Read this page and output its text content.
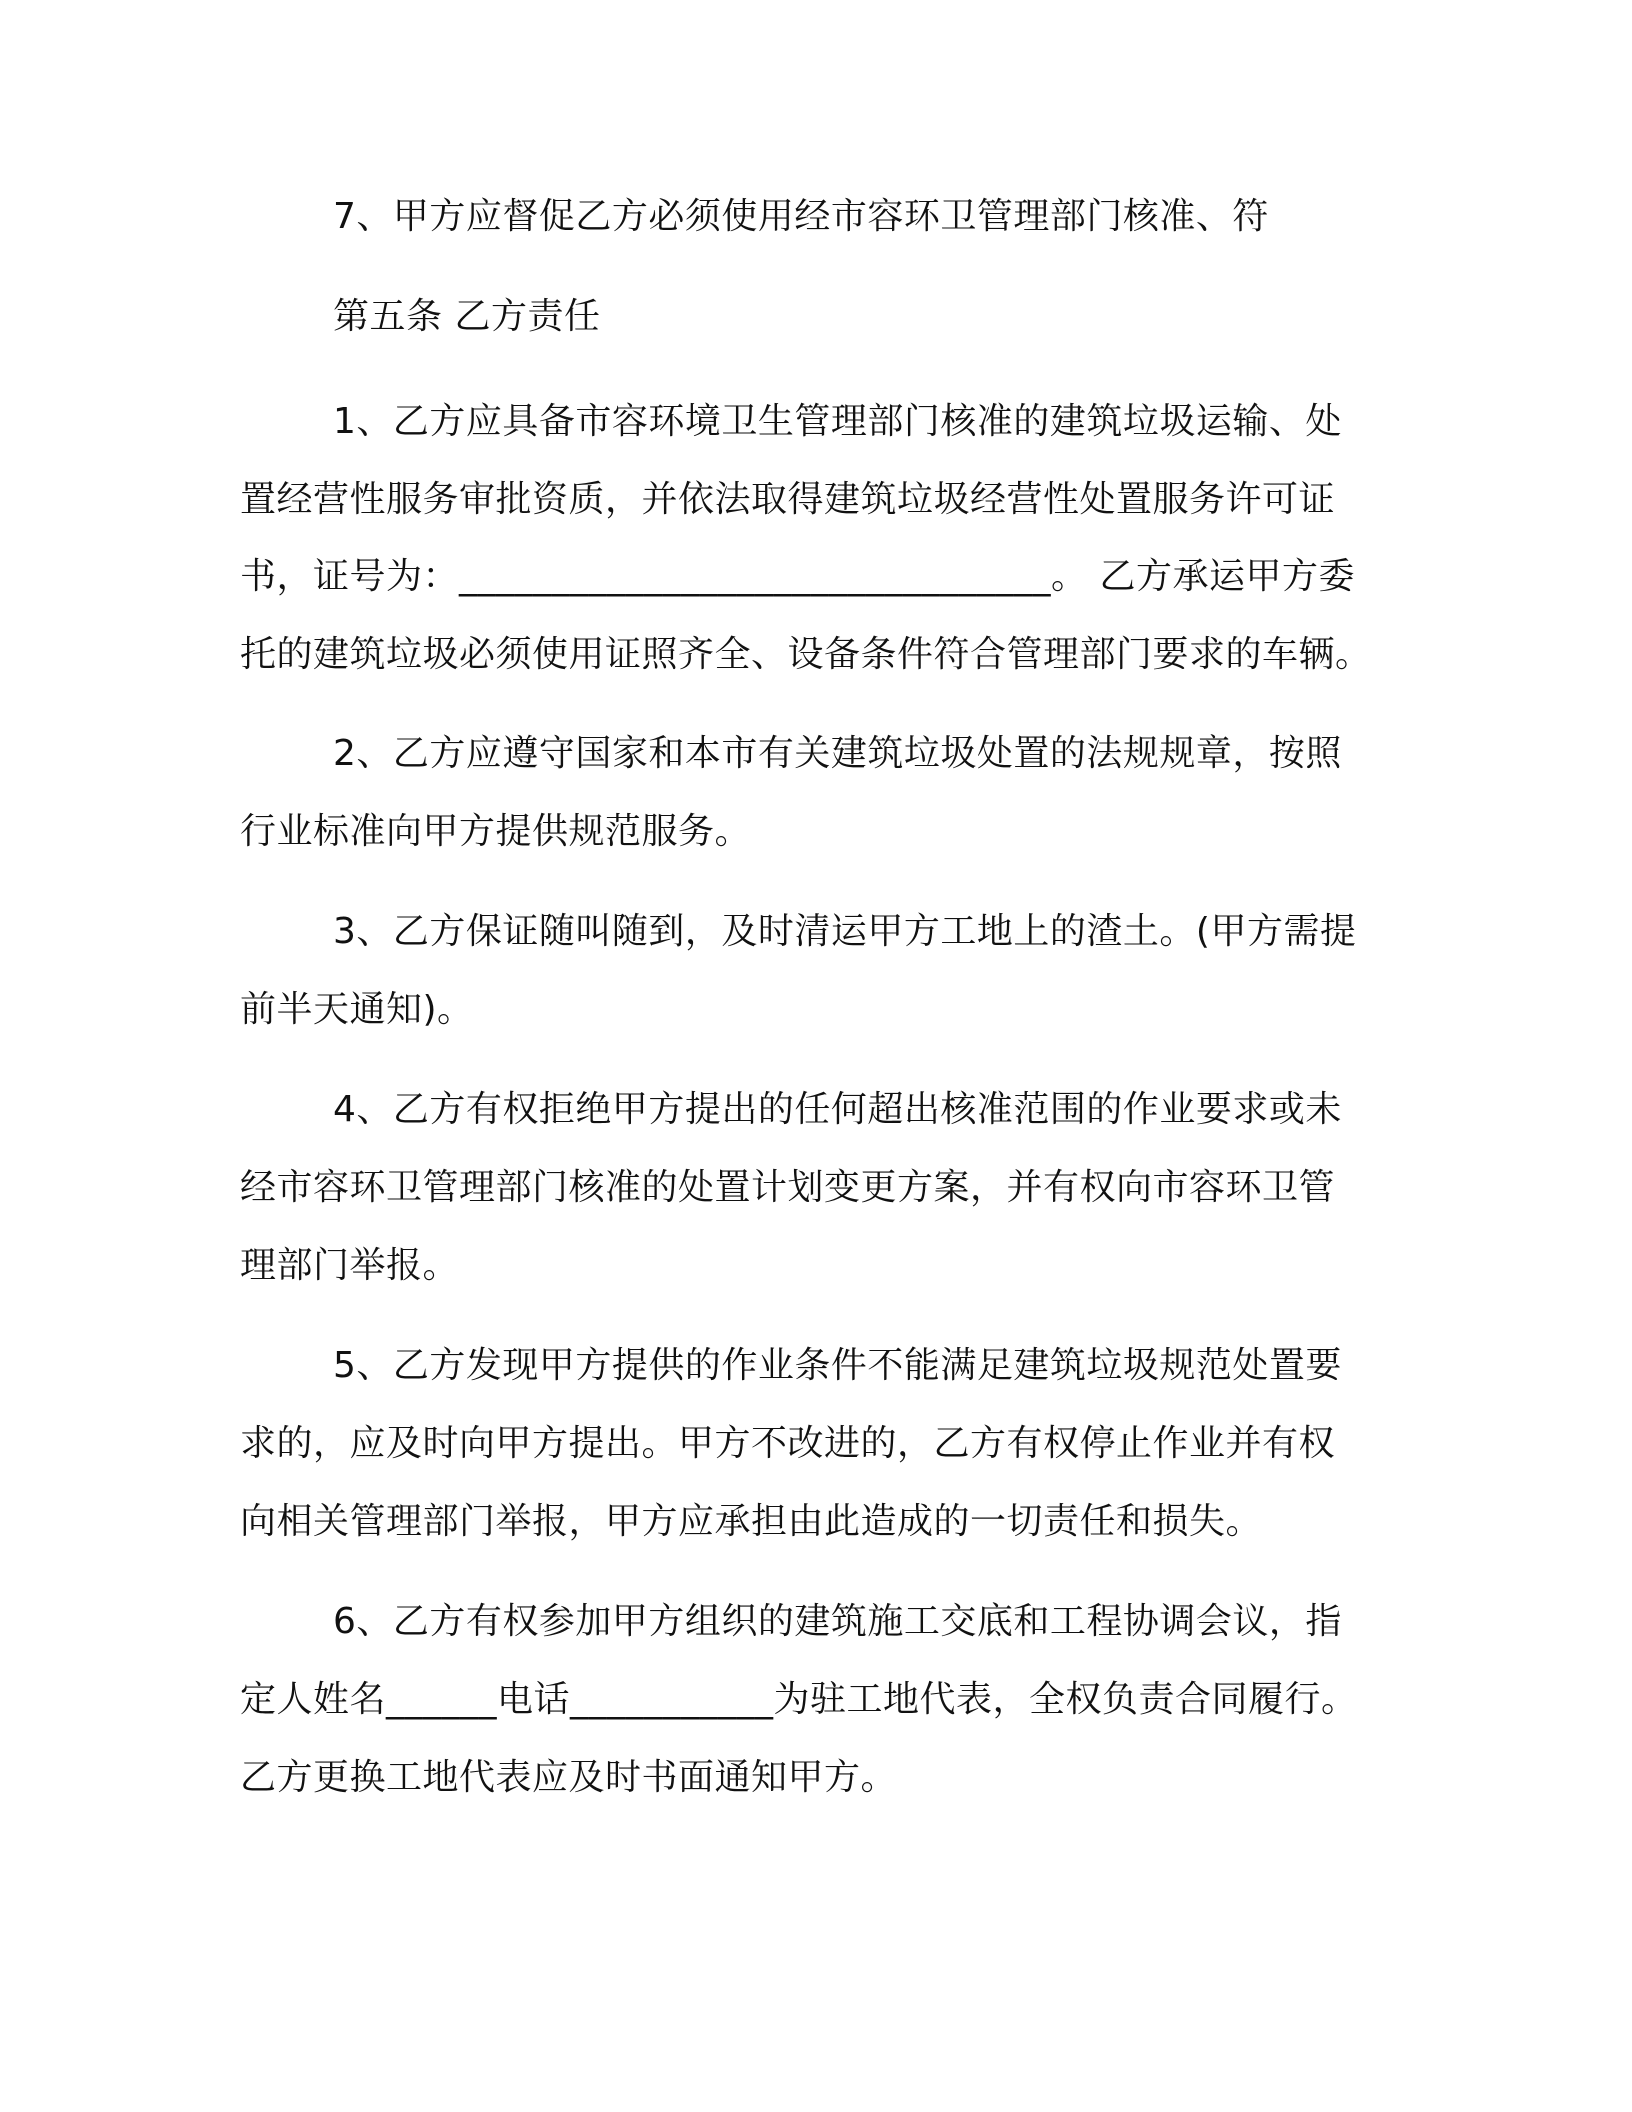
7、甲方应督促乙方必须使用经市容环卫管理部门核准、符
第五条 乙方责任
1、乙方应具备市容环境卫生管理部门核准的建筑垃圾运输、处
置经营性服务审批资质，并依法取得建筑垃圾经营性处置服务许可证
书，证号为：________________________________。 乙方承运甲方委
托的建筑垃圾必须使用证照齐全、设备条件符合管理部门要求的车辆。
2、乙方应遵守国家和本市有关建筑垃圾处置的法规规章，按照
行业标准向甲方提供规范服务。
3、乙方保证随叫随到，及时清运甲方工地上的渣土。(甲方需提
前半天通知)。
4、乙方有权拒绝甲方提出的任何超出核准范围的作业要求或未
经市容环卫管理部门核准的处置计划变更方案，并有权向市容环卫管
理部门举报。
5、乙方发现甲方提供的作业条件不能满足建筑垃圾规范处置要
求的，应及时向甲方提出。甲方不改进的，乙方有权停止作业并有权
向相关管理部门举报，甲方应承担由此造成的一切责任和损失。
6、乙方有权参加甲方组织的建筑施工交底和工程协调会议，指
定人姓名______电话___________为驻工地代表，全权负责合同履行。
乙方更换工地代表应及时书面通知甲方。
